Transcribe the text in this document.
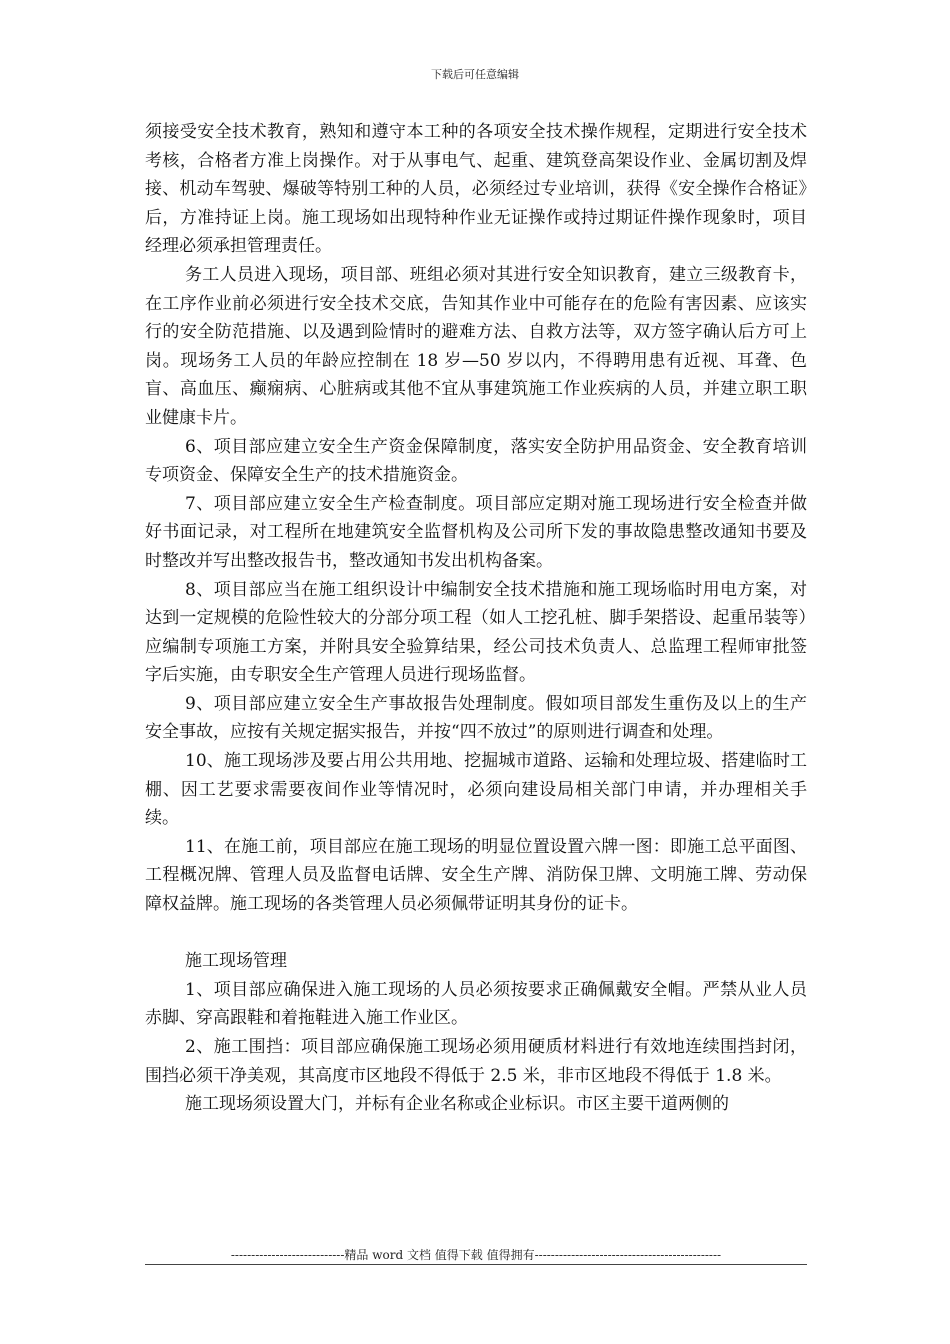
下载后可任意编辑

须接受安全技术教育，熟知和遵守本工种的各项安全技术操作规程，定期进行安全技术考核，合格者方准上岗操作。对于从事电气、起重、建筑登高架设作业、金属切割及焊接、机动车驾驶、爆破等特别工种的人员，必须经过专业培训，获得《安全操作合格证》后，方准持证上岗。施工现场如出现特种作业无证操作或持过期证件操作现象时，项目经理必须承担管理责任。

务工人员进入现场，项目部、班组必须对其进行安全知识教育，建立三级教育卡，在工序作业前必须进行安全技术交底，告知其作业中可能存在的危险有害因素、应该实行的安全防范措施、以及遇到险情时的避难方法、自救方法等，双方签字确认后方可上岗。现场务工人员的年龄应控制在 18 岁—50 岁以内，不得聘用患有近视、耳聋、色盲、高血压、癫痫病、心脏病或其他不宜从事建筑施工作业疾病的人员，并建立职工职业健康卡片。

6、项目部应建立安全生产资金保障制度，落实安全防护用品资金、安全教育培训专项资金、保障安全生产的技术措施资金。

7、项目部应建立安全生产检查制度。项目部应定期对施工现场进行安全检查并做好书面记录，对工程所在地建筑安全监督机构及公司所下发的事故隐患整改通知书要及时整改并写出整改报告书，整改通知书发出机构备案。

8、项目部应当在施工组织设计中编制安全技术措施和施工现场临时用电方案，对达到一定规模的危险性较大的分部分项工程（如人工挖孔桩、脚手架搭设、起重吊装等）应编制专项施工方案，并附具安全验算结果，经公司技术负责人、总监理工程师审批签字后实施，由专职安全生产管理人员进行现场监督。

9、项目部应建立安全生产事故报告处理制度。假如项目部发生重伤及以上的生产安全事故，应按有关规定据实报告，并按“四不放过”的原则进行调查和处理。

10、施工现场涉及要占用公共用地、挖掘城市道路、运输和处理垃圾、搭建临时工棚、因工艺要求需要夜间作业等情况时，必须向建设局相关部门申请，并办理相关手续。

11、在施工前，项目部应在施工现场的明显位置设置六牌一图：即施工总平面图、工程概况牌、管理人员及监督电话牌、安全生产牌、消防保卫牌、文明施工牌、劳动保障权益牌。施工现场的各类管理人员必须佩带证明其身份的证卡。

施工现场管理

1、项目部应确保进入施工现场的人员必须按要求正确佩戴安全帽。严禁从业人员赤脚、穿高跟鞋和着拖鞋进入施工作业区。

2、施工围挡：项目部应确保施工现场必须用硬质材料进行有效地连续围挡封闭，围挡必须干净美观，其高度市区地段不得低于 2.5 米，非市区地段不得低于 1.8 米。

施工现场须设置大门，并标有企业名称或企业标识。市区主要干道两侧的

----------------------------精品 word 文档 值得下载 值得拥有----------------------------------------------
